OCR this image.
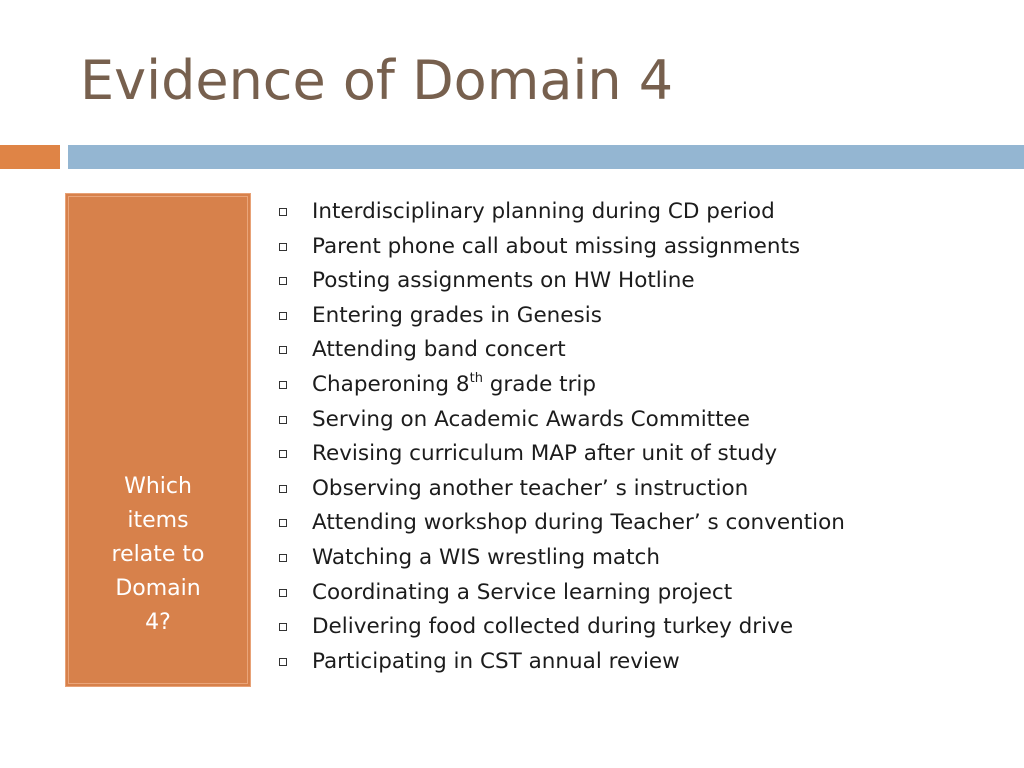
Evidence of Domain 4
Which
items
relate to
Domain
4?
Interdisciplinary planning during CD period
Parent phone call about missing assignments
Posting assignments on HW Hotline
Entering grades in Genesis
Attending band concert
Chaperoning 8th grade trip
Serving on Academic Awards Committee
Revising curriculum MAP after unit of study
Observing another teacher’ s instruction
Attending workshop during Teacher’ s convention
Watching a WIS wrestling match
Coordinating a Service learning project
Delivering food collected during turkey drive
Participating in CST annual review
